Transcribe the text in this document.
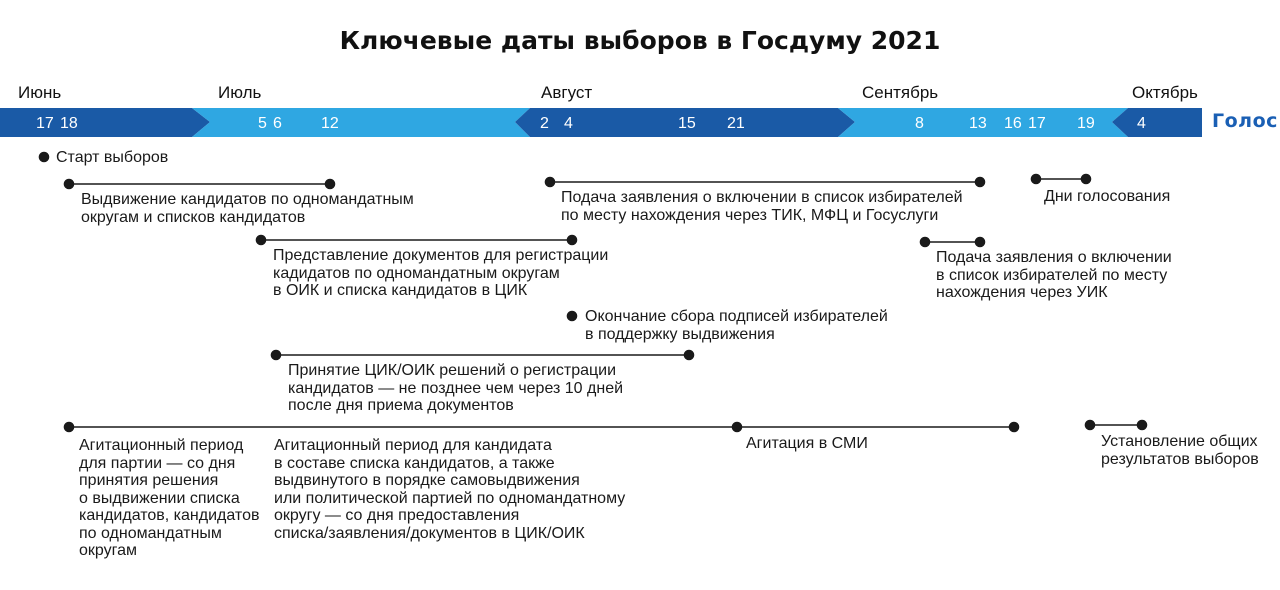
Ключевые даты выборов в Госдуму 2021
Июнь	Июль	Август	Сентябрь	Октябрь
17 18	5 6 12	2 4	15 21	8	13 16 17 19	4	Голос
Старт выборов
Выдвижение кандидатов по одномандатным
округам и списков кандидатов
Представление документов для регистрации
кадидатов по одномандатным округам
в ОИК и списка кандидатов в ЦИК
Окончание сбора подписей избирателей
в поддержку выдвижения
Принятие ЦИК/ОИК решений о регистрации
кандидатов — не позднее чем через 10 дней
после дня приема документов
Агитационный период
для партии — со дня
принятия решения
о выдвижении списка
кандидатов, кандидатов
по одномандатным
округам
Агитационный период для кандидата
в составе списка кандидатов, а также
выдвинутого в порядке самовыдвижения
или политической партией по одномандатному
округу — со дня предоставления
списка/заявления/документов в ЦИК/ОИК
Агитация в СМИ
Подача заявления о включении в список избирателей
по месту нахождения через ТИК, МФЦ и Госуслуги
Подача заявления о включении
в список избирателей по месту
нахождения через УИК
Дни голосования
Установление общих
результатов выборов
